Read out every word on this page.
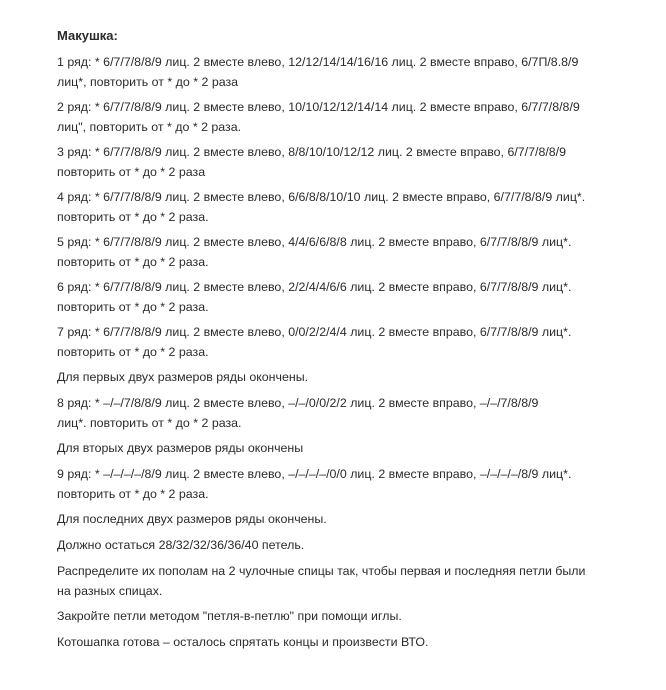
Макушка:

1 ряд: * 6/7/7/8/8/9 лиц. 2 вместе влево, 12/12/14/14/16/16 лиц. 2 вместе вправо, 6/7П/8.8/9
лиц*, повторить от * до * 2 раза

2 ряд: * 6/7/7/8/8/9 лиц. 2 вместе влево, 10/10/12/12/14/14 лиц. 2 вместе вправо, 6/7/7/8/8/9
лиц", повторить от * до * 2 раза.

3 ряд: * 6/7/7/8/8/9 лиц. 2 вместе влево, 8/8/10/10/12/12 лиц. 2 вместе вправо, 6/7/7/8/8/9
повторить от * до * 2 раза

4 ряд: * 6/7/7/8/8/9 лиц. 2 вместе влево, 6/6/8/8/10/10 лиц. 2 вместе вправо, 6/7/7/8/8/9 лиц*.
повторить от * до * 2 раза.

5 ряд: * 6/7/7/8/8/9 лиц. 2 вместе влево, 4/4/6/6/8/8 лиц. 2 вместе вправо, 6/7/7/8/8/9 лиц*.
повторить от * до * 2 раза.

6 ряд: * 6/7/7/8/8/9 лиц. 2 вместе влево, 2/2/4/4/6/6 лиц. 2 вместе вправо, 6/7/7/8/8/9 лиц*.
повторить от * до * 2 раза.

7 ряд: * 6/7/7/8/8/9 лиц. 2 вместе влево, 0/0/2/2/4/4 лиц. 2 вместе вправо, 6/7/7/8/8/9 лиц*.
повторить от * до * 2 раза.

Для первых двух размеров ряды окончены.

8 ряд: * –/–/7/8/8/9 лиц. 2 вместе влево, –/–/0/0/2/2 лиц. 2 вместе вправо, –/–/7/8/8/9
лиц*. повторить от * до * 2 раза.

Для вторых двух размеров ряды окончены

9 ряд: * –/–/–/–/8/9 лиц. 2 вместе влево, –/–/–/–/0/0 лиц. 2 вместе вправо, –/–/–/–/8/9 лиц*.
повторить от * до * 2 раза.

Для последних двух размеров ряды окончены.

Должно остаться 28/32/32/36/36/40 петель.

Распределите их пополам на 2 чулочные спицы так, чтобы первая и последняя петли были
на разных спицах.

Закройте петли методом "петля-в-петлю" при помощи иглы.

Котошапка готова – осталось спрятать концы и произвести ВТО.
